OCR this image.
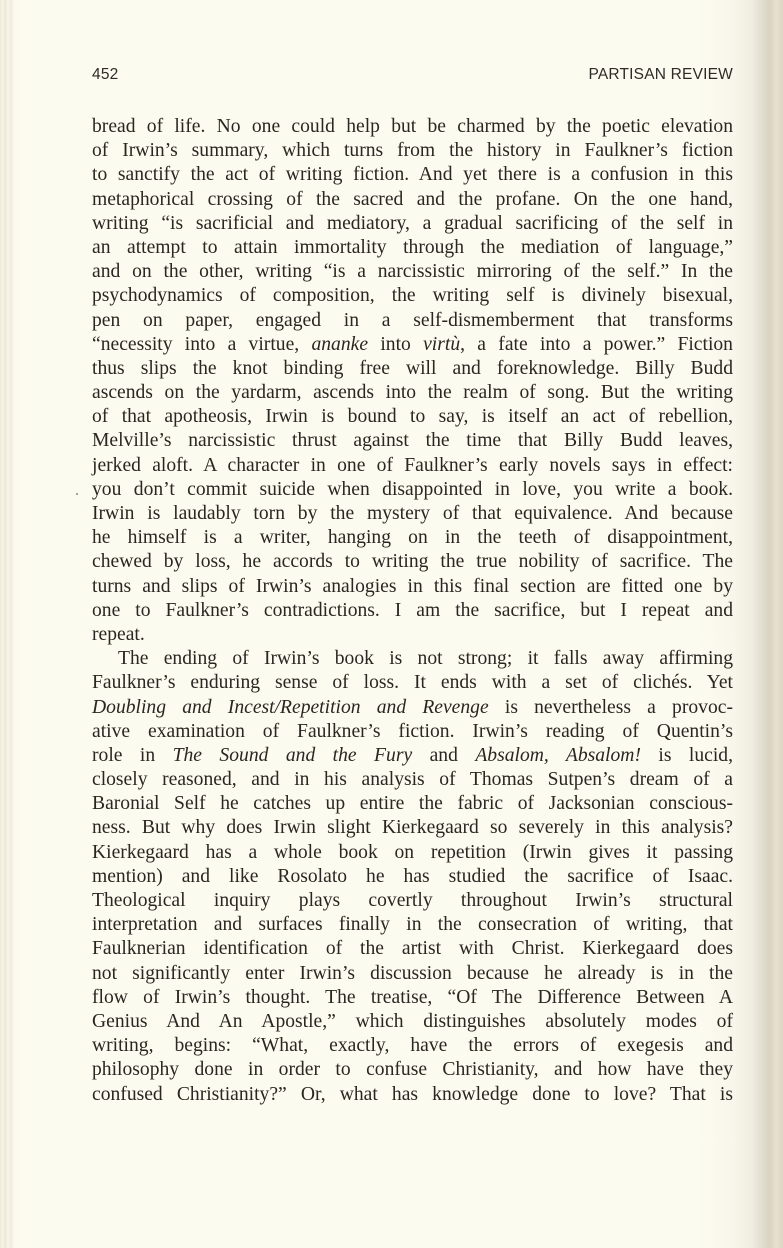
452	PARTISAN REVIEW
bread of life. No one could help but be charmed by the poetic elevation
of Irwin’s summary, which turns from the history in Faulkner’s fiction
to sanctify the act of writing fiction. And yet there is a confusion in this
metaphorical crossing of the sacred and the profane. On the one hand,
writing “is sacrificial and mediatory, a gradual sacrificing of the self in
an attempt to attain immortality through the mediation of language,”
and on the other, writing “is a narcissistic mirroring of the self.” In the
psychodynamics of composition, the writing self is divinely bisexual,
pen on paper, engaged in a self-dismemberment that transforms
“necessity into a virtue, ananke into virtù, a fate into a power.” Fiction
thus slips the knot binding free will and foreknowledge. Billy Budd
ascends on the yardarm, ascends into the realm of song. But the writing
of that apotheosis, Irwin is bound to say, is itself an act of rebellion,
Melville’s narcissistic thrust against the time that Billy Budd leaves,
jerked aloft. A character in one of Faulkner’s early novels says in effect:
you don’t commit suicide when disappointed in love, you write a book.
Irwin is laudably torn by the mystery of that equivalence. And because
he himself is a writer, hanging on in the teeth of disappointment,
chewed by loss, he accords to writing the true nobility of sacrifice. The
turns and slips of Irwin’s analogies in this final section are fitted one by
one to Faulkner’s contradictions. I am the sacrifice, but I repeat and
repeat.
The ending of Irwin’s book is not strong; it falls away affirming
Faulkner’s enduring sense of loss. It ends with a set of clichés. Yet
Doubling and Incest/Repetition and Revenge is nevertheless a provoc-
ative examination of Faulkner’s fiction. Irwin’s reading of Quentin’s
role in The Sound and the Fury and Absalom, Absalom! is lucid,
closely reasoned, and in his analysis of Thomas Sutpen’s dream of a
Baronial Self he catches up entire the fabric of Jacksonian conscious-
ness. But why does Irwin slight Kierkegaard so severely in this analysis?
Kierkegaard has a whole book on repetition (Irwin gives it passing
mention) and like Rosolato he has studied the sacrifice of Isaac.
Theological inquiry plays covertly throughout Irwin’s structural
interpretation and surfaces finally in the consecration of writing, that
Faulknerian identification of the artist with Christ. Kierkegaard does
not significantly enter Irwin’s discussion because he already is in the
flow of Irwin’s thought. The treatise, “Of The Difference Between A
Genius And An Apostle,” which distinguishes absolutely modes of
writing, begins: “What, exactly, have the errors of exegesis and
philosophy done in order to confuse Christianity, and how have they
confused Christianity?” Or, what has knowledge done to love? That is
